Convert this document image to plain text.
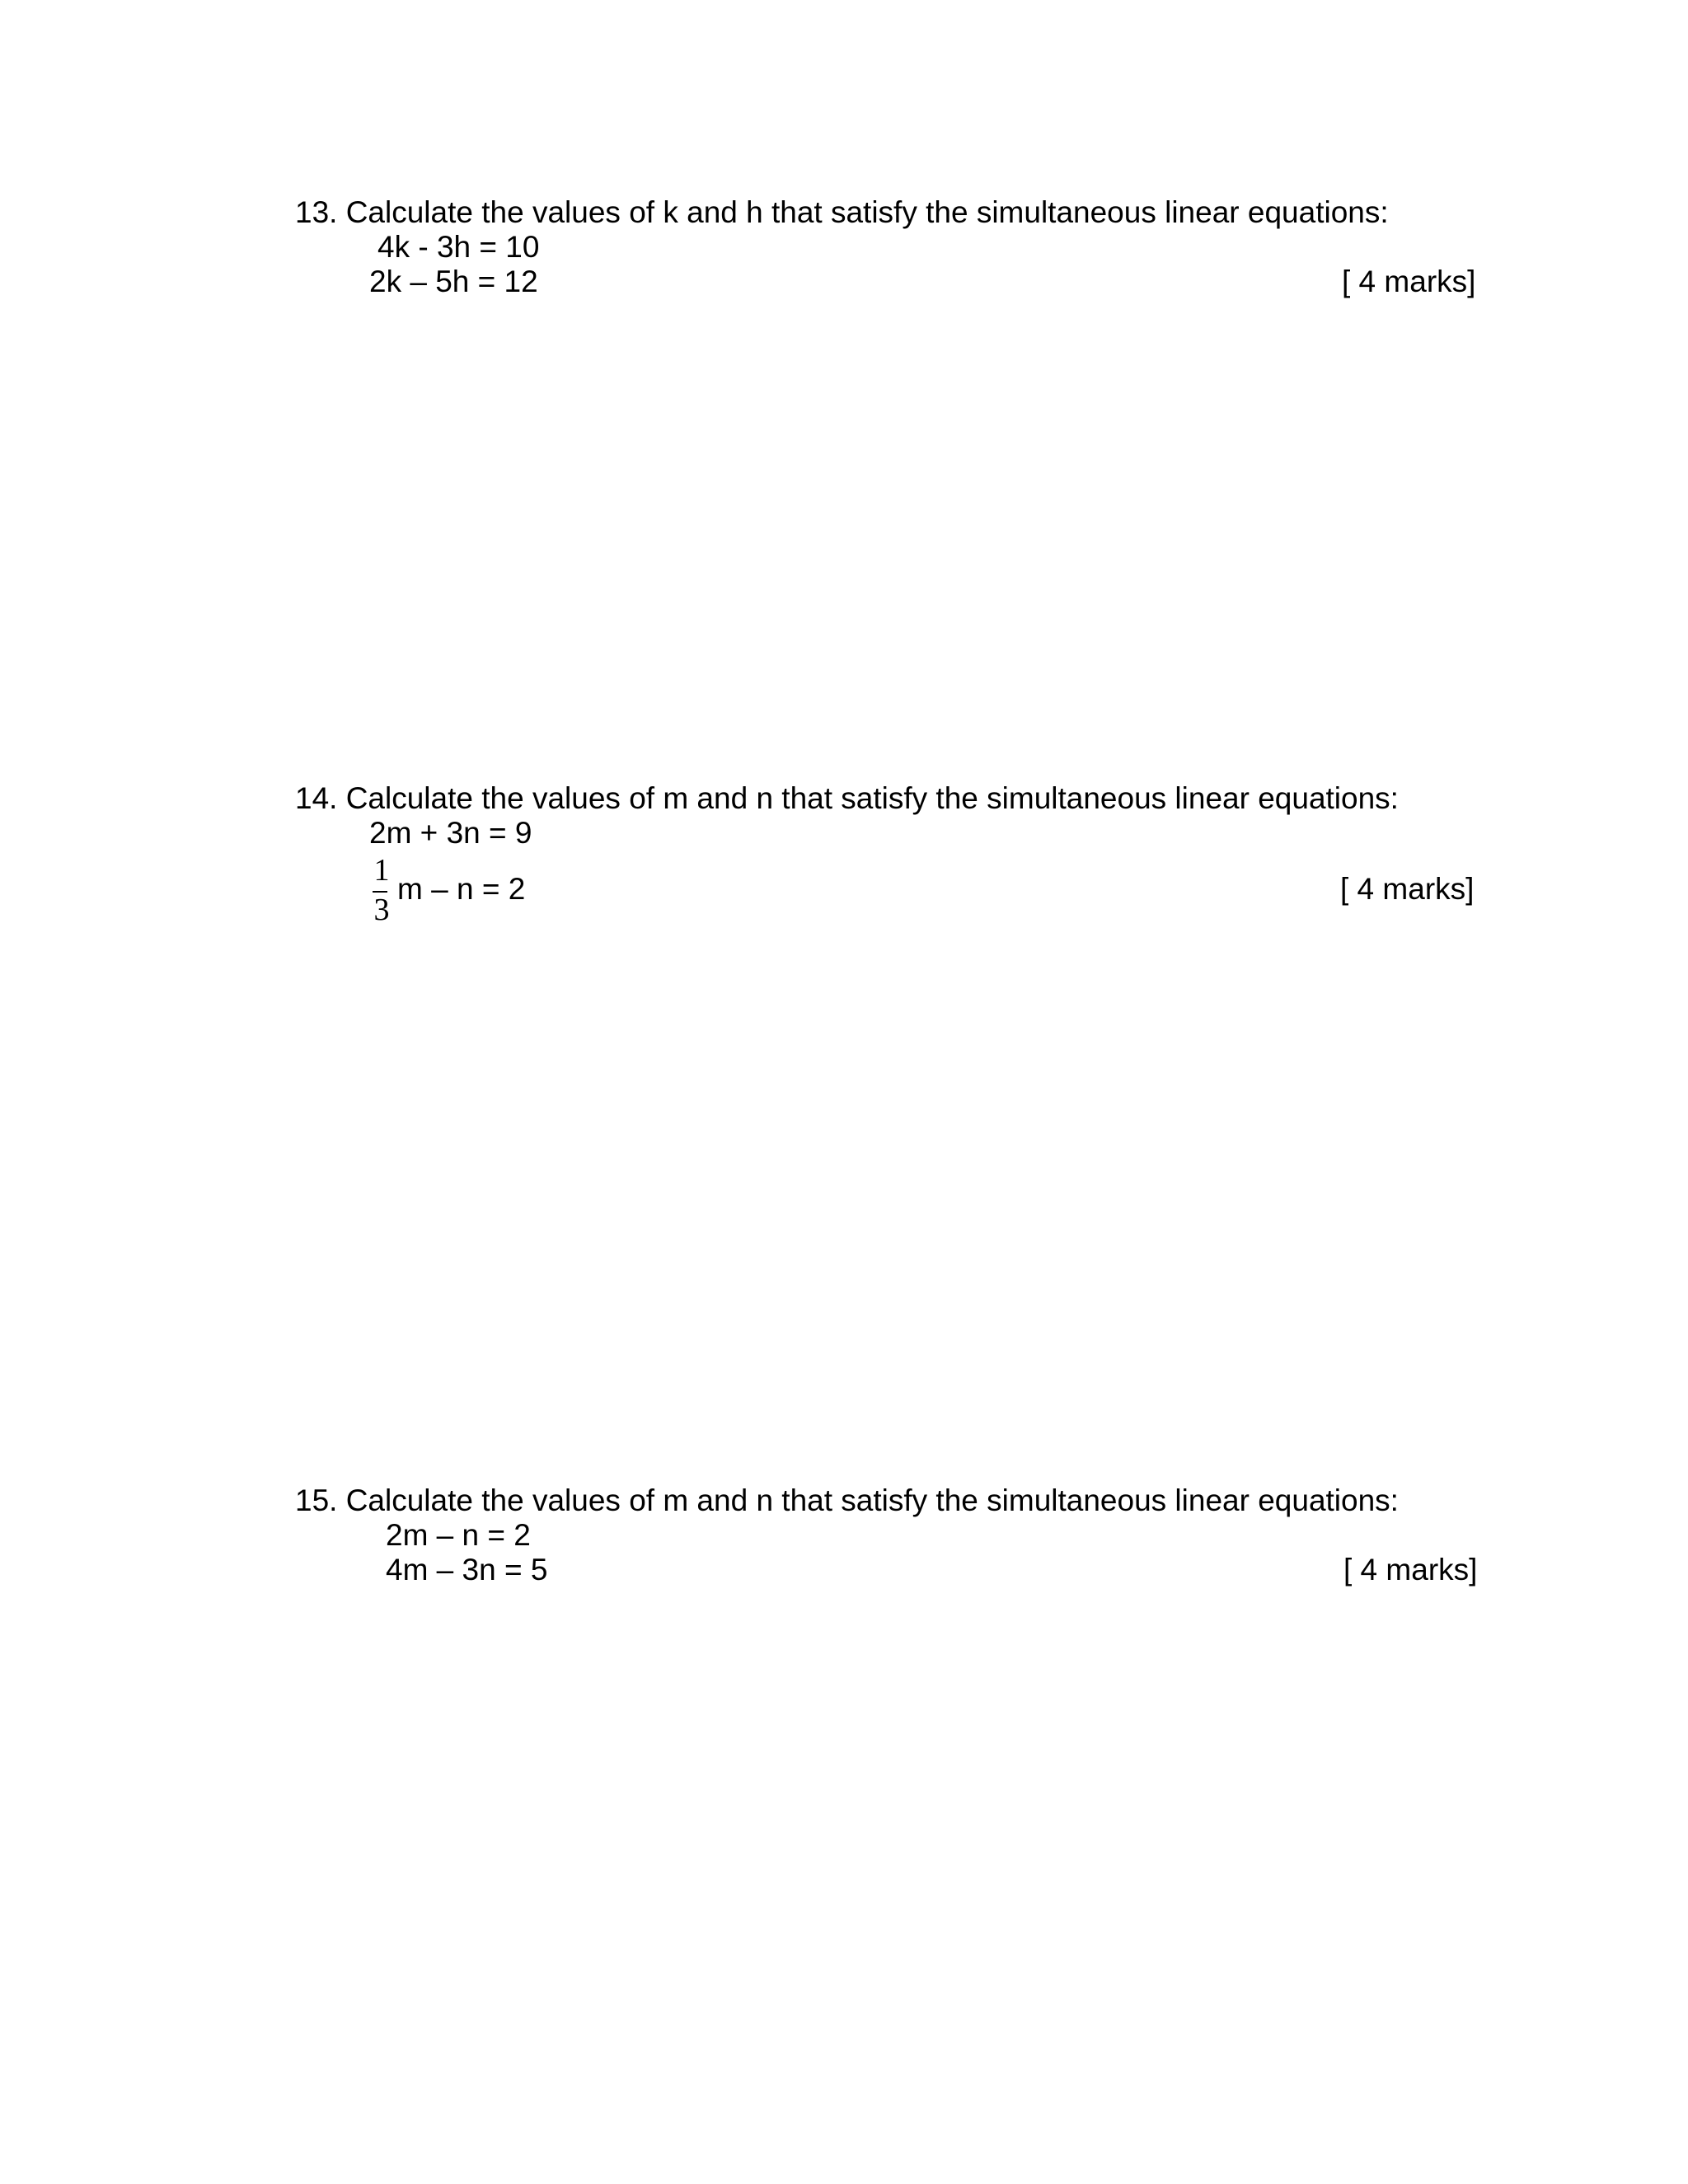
13. Calculate the values of k and h that satisfy the simultaneous linear equations:
4k - 3h = 10
2k – 5h = 12	[ 4 marks]
14. Calculate the values of m and n that satisfy the simultaneous linear equations:
2m + 3n = 9
1
3
m – n = 2	[ 4 marks]
15. Calculate the values of m and n that satisfy the simultaneous linear equations:
2m – n = 2
4m – 3n = 5	[ 4 marks]
